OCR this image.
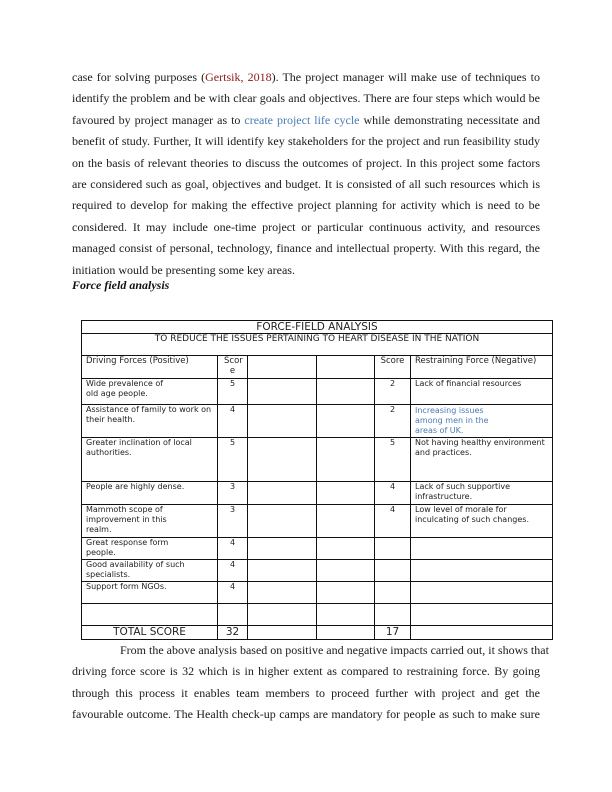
case for solving purposes (Gertsik, 2018). The project manager will make use of techniques to
identify the problem and be with clear goals and objectives. There are four steps which would be
favoured by project manager as to create project life cycle while demonstrating necessitate and
benefit of study. Further, It will identify key stakeholders for the project and run feasibility study
on the basis of relevant theories to discuss the outcomes of project. In this project some factors
are considered such as goal, objectives and budget. It is consisted of all such resources which is
required to develop for making the effective project planning for activity which is need to be
considered. It may include one-time project or particular continuous activity, and resources
managed consist of personal, technology, finance and intellectual property. With this regard, the
initiation would be presenting some key areas.
Force field analysis
FORCE-FIELD ANALYSIS					
TO REDUCE THE ISSUES PERTAINING TO HEART DISEASE IN THE NATION					
Driving Forces (Positive)	Scor e			Score	Restraining Force (Negative)
Wide prevalence of old age people.	5			2	Lack of financial resources
Assistance of family to work on their health.	4			2	Increasing issues among men in the areas of UK.
Greater inclination of local authorities.	5			5	Not having healthy environment and practices.
People are highly dense.	3			4	Lack of such supportive infrastructure.
Mammoth scope of improvement in this realm.	3			4	Low level of morale for inculcating of such changes.
Great response form people.	4				
Good availability of such specialists.	4				
Support form NGOs.	4				

TOTAL SCORE	32			17	
From the above analysis based on positive and negative impacts carried out, it shows that
driving force score is 32 which is in higher extent as compared to restraining force. By going
through this process it enables team members to proceed further with project and get the
favourable outcome. The Health check-up camps are mandatory for people as such to make sure
